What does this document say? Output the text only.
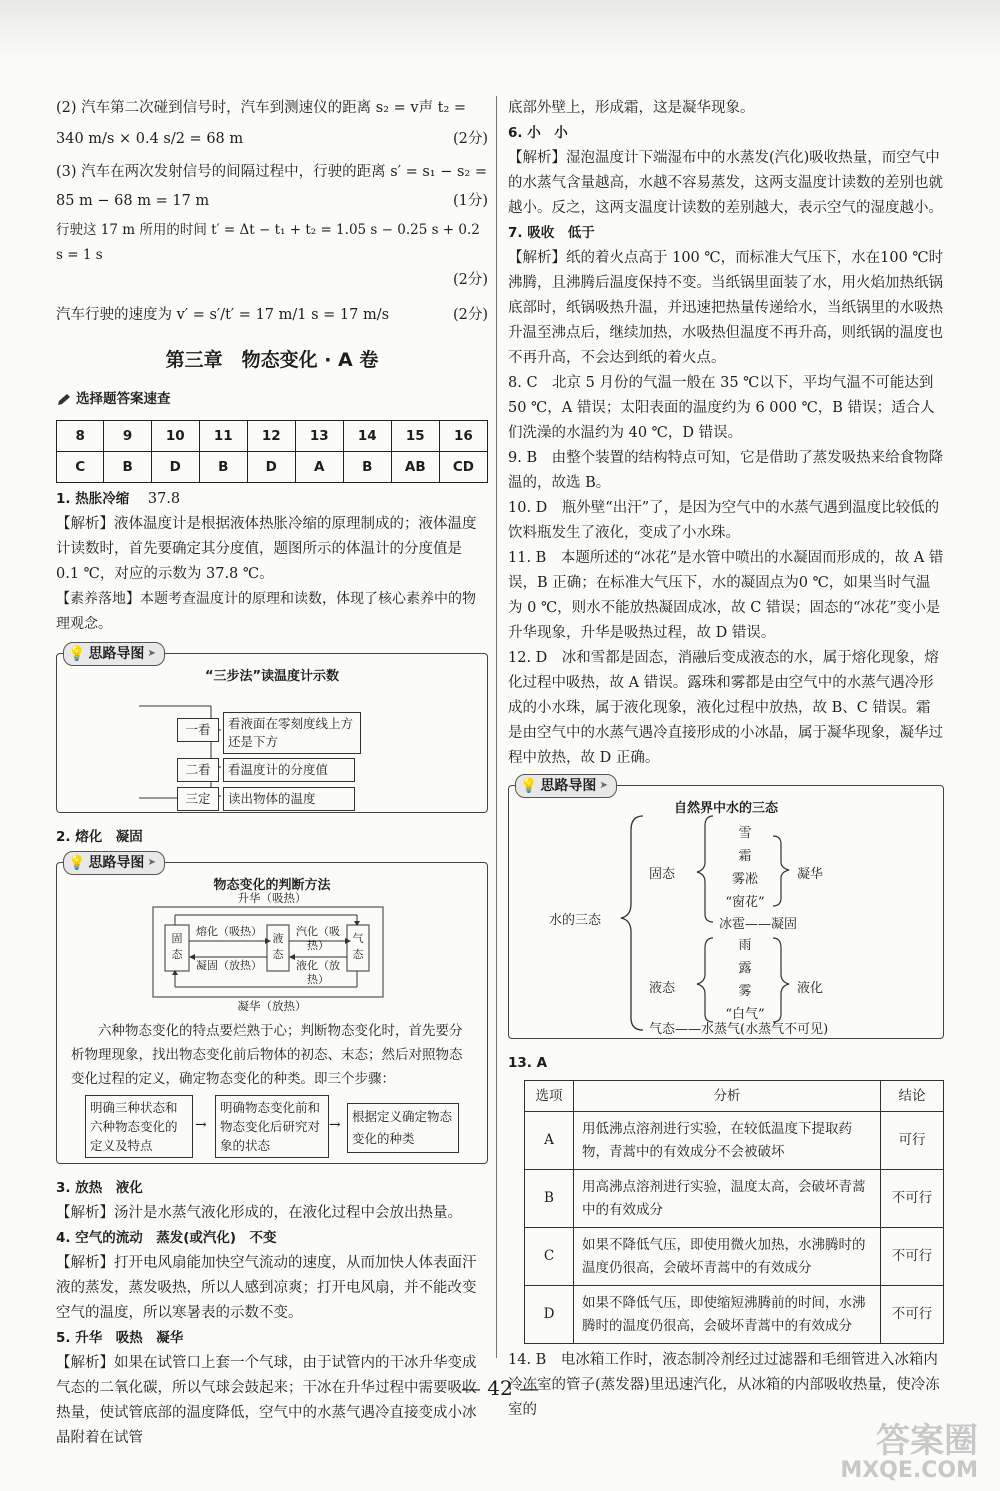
(2) 汽车第二次碰到信号时，汽车到测速仪的距离 s₂ = v声 t₂ =

340 m/s × 0.4 s/2 = 68 m	(2分)

(3) 汽车在两次发射信号的间隔过程中，行驶的距离 s′ = s₁ − s₂ =

85 m − 68 m = 17 m	(1分)

行驶这 17 m 所用的时间 t′ = Δt − t₁ + t₂ = 1.05 s − 0.25 s + 0.2 s = 1 s

(2分)

汽车行驶的速度为 v′ = s′/t′ = 17 m/1 s = 17 m/s	(2分)
第三章　物态变化 · A 卷
选择题答案速查
8	9	10	11	12	13	14	15	16
C	B	D	B	D	A	B	AB	CD

1. 热胀冷缩 37.8

【解析】液体温度计是根据液体热胀冷缩的原理制成的；液体温度计读数时，首先要确定其分度值，题图所示的体温计的分度值是 0.1 ℃，对应的示数为 37.8 ℃。

【素养落地】本题考查温度计的原理和读数，体现了核心素养中的物理观念。

💡 思路导图 ➤
“三步法”读温度计示数
一看
二看
看液面在零刻度线上方还是下方
看温度计的分度值
三定	读出物体的温度

2. 熔化　凝固

💡 思路导图 ➤
物态变化的判断方法
升华（吸热）
熔化（吸热）	汽化（吸热）
凝固（放热）	液化（放热）
凝华（放热）
固态
液态
气态

六种物态变化的特点要烂熟于心；判断物态变化时，首先要分析物理现象，找出物态变化前后物体的初态、末态；然后对照物态变化过程的定义，确定物态变化的种类。即三个步骤：

明确三种状态和六种物态变化的定义及特点
→
明确物态变化前和物态变化后研究对象的状态
→
根据定义确定物态变化的种类

3. 放热　液化

【解析】汤汁是水蒸气液化形成的，在液化过程中会放出热量。

4. 空气的流动　蒸发(或汽化)　不变

【解析】打开电风扇能加快空气流动的速度，从而加快人体表面汗液的蒸发，蒸发吸热，所以人感到凉爽；打开电风扇，并不能改变空气的温度，所以寒暑表的示数不变。

5. 升华　吸热　凝华

【解析】如果在试管口上套一个气球，由于试管内的干冰升华变成气态的二氧化碳，所以气球会鼓起来；干冰在升华过程中需要吸收热量，使试管底部的温度降低，空气中的水蒸气遇冷直接变成小冰晶附着在试管

底部外壁上，形成霜，这是凝华现象。

6. 小　小

【解析】湿泡温度计下端湿布中的水蒸发(汽化)吸收热量，而空气中的水蒸气含量越高，水越不容易蒸发，这两支温度计读数的差别也就越小。反之，这两支温度计读数的差别越大，表示空气的湿度越小。

7. 吸收　低于

【解析】纸的着火点高于 100 ℃，而标准大气压下，水在100 ℃时沸腾，且沸腾后温度保持不变。当纸锅里面装了水，用火焰加热纸锅底部时，纸锅吸热升温，并迅速把热量传递给水，当纸锅里的水吸热升温至沸点后，继续加热，水吸热但温度不再升高，则纸锅的温度也不再升高，不会达到纸的着火点。

8. C　北京 5 月份的气温一般在 35 ℃以下，平均气温不可能达到 50 ℃，A 错误；太阳表面的温度约为 6 000 ℃，B 错误；适合人们洗澡的水温约为 40 ℃，D 错误。

9. B　由整个装置的结构特点可知，它是借助了蒸发吸热来给食物降温的，故选 B。

10. D　瓶外壁“出汗”了，是因为空气中的水蒸气遇到温度比较低的饮料瓶发生了液化，变成了小水珠。

11. B　本题所述的“冰花”是水管中喷出的水凝固而形成的，故 A 错误，B 正确；在标准大气压下，水的凝固点为0 ℃，如果当时气温为 0 ℃，则水不能放热凝固成冰，故 C 错误；固态的“冰花”变小是升华现象，升华是吸热过程，故 D 错误。

12. D　冰和雪都是固态，消融后变成液态的水，属于熔化现象，熔化过程中吸热，故 A 错误。露珠和雾都是由空气中的水蒸气遇冷形成的小水珠，属于液化现象，液化过程中放热，故 B、C 错误。霜是由空气中的水蒸气遇冷直接形成的小冰晶，属于凝华现象，凝华过程中放热，故 D 正确。

💡 思路导图 ➤
自然界中水的三态
水的三态
固态
雪
霜
雾凇
“窗花”
凝华
冰雹——凝固
液态
雨
露
雾
“白气”
液化
气态——水蒸气(水蒸气不可见)

13. A

选项	分析	结论
A	用低沸点溶剂进行实验，在较低温度下提取药物，青蒿中的有效成分不会被破坏	可行
B	用高沸点溶剂进行实验，温度太高，会破坏青蒿中的有效成分	不可行
C	如果不降低气压，即使用微火加热，水沸腾时的温度仍很高，会破坏青蒿中的有效成分	不可行
D	如果不降低气压，即使缩短沸腾前的时间，水沸腾时的温度仍很高，会破坏青蒿中的有效成分	不可行

14. B　电冰箱工作时，液态制冷剂经过过滤器和毛细管进入冰箱内冷冻室的管子(蒸发器)里迅速汽化，从冰箱的内部吸收热量，使冷冻室的

— 42 —
答案圈
MXQE.COM
